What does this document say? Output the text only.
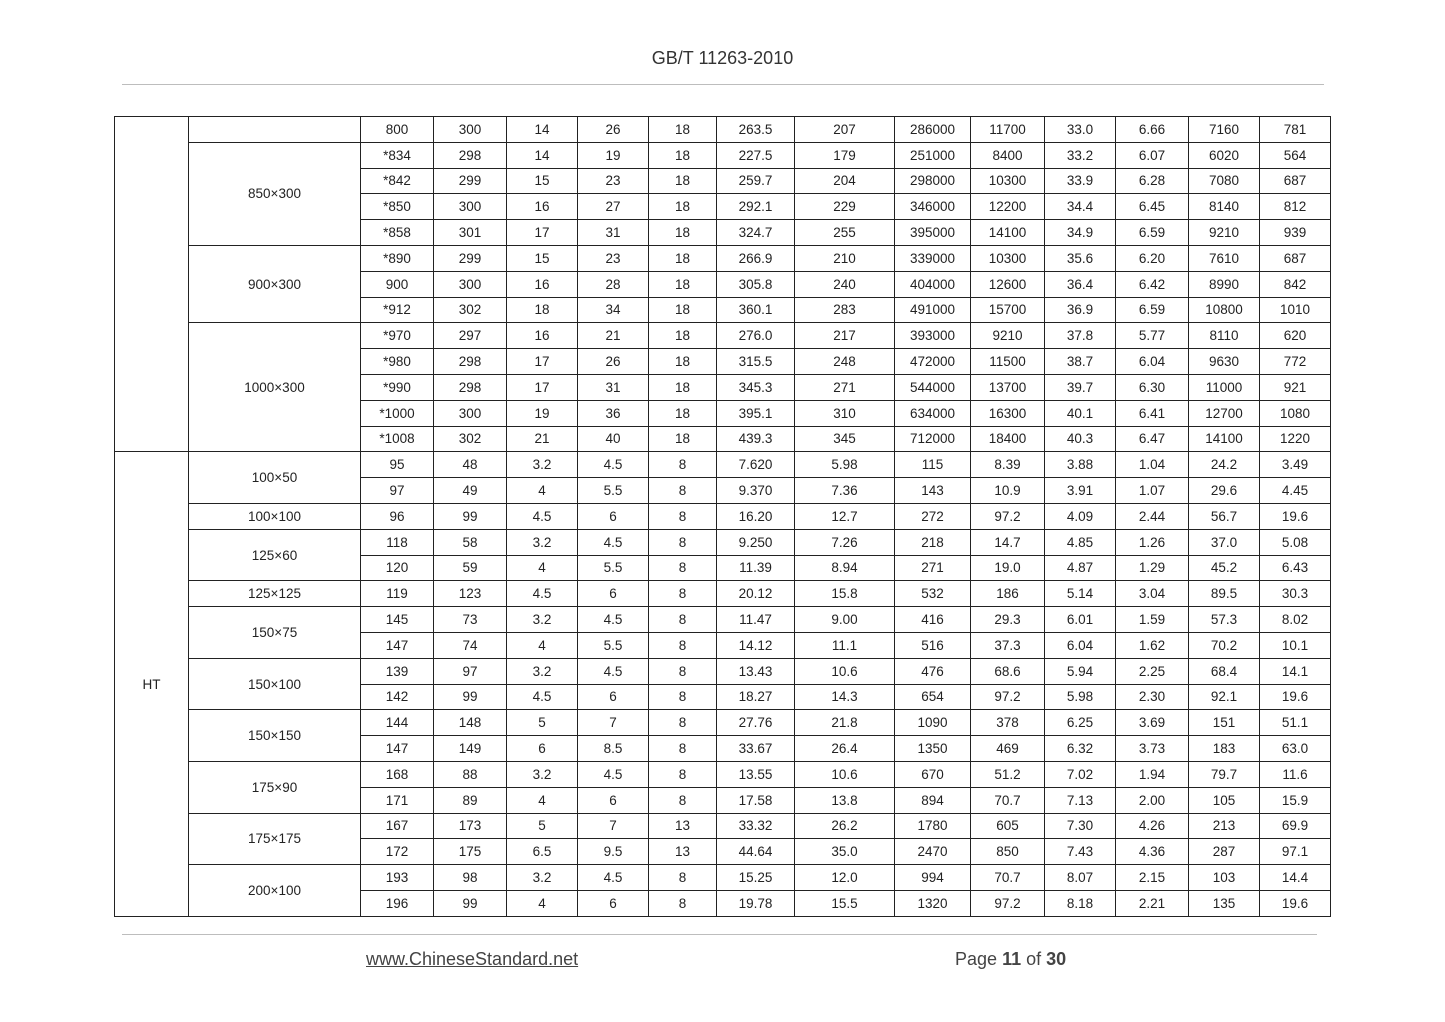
GB/T 11263-2010
		800	300	14	26	18	263.5	207	286000	11700	33.0	6.66	7160	781
	850×300	*834	298	14	19	18	227.5	179	251000	8400	33.2	6.07	6020	564
		*842	299	15	23	18	259.7	204	298000	10300	33.9	6.28	7080	687
		*850	300	16	27	18	292.1	229	346000	12200	34.4	6.45	8140	812
		*858	301	17	31	18	324.7	255	395000	14100	34.9	6.59	9210	939
	900×300	*890	299	15	23	18	266.9	210	339000	10300	35.6	6.20	7610	687
		900	300	16	28	18	305.8	240	404000	12600	36.4	6.42	8990	842
		*912	302	18	34	18	360.1	283	491000	15700	36.9	6.59	10800	1010
	1000×300	*970	297	16	21	18	276.0	217	393000	9210	37.8	5.77	8110	620
		*980	298	17	26	18	315.5	248	472000	11500	38.7	6.04	9630	772
		*990	298	17	31	18	345.3	271	544000	13700	39.7	6.30	11000	921
		*1000	300	19	36	18	395.1	310	634000	16300	40.1	6.41	12700	1080
		*1008	302	21	40	18	439.3	345	712000	18400	40.3	6.47	14100	1220
HT	100×50	95	48	3.2	4.5	8	7.620	5.98	115	8.39	3.88	1.04	24.2	3.49
		97	49	4	5.5	8	9.370	7.36	143	10.9	3.91	1.07	29.6	4.45
	100×100	96	99	4.5	6	8	16.20	12.7	272	97.2	4.09	2.44	56.7	19.6
	125×60	118	58	3.2	4.5	8	9.250	7.26	218	14.7	4.85	1.26	37.0	5.08
		120	59	4	5.5	8	11.39	8.94	271	19.0	4.87	1.29	45.2	6.43
	125×125	119	123	4.5	6	8	20.12	15.8	532	186	5.14	3.04	89.5	30.3
	150×75	145	73	3.2	4.5	8	11.47	9.00	416	29.3	6.01	1.59	57.3	8.02
		147	74	4	5.5	8	14.12	11.1	516	37.3	6.04	1.62	70.2	10.1
	150×100	139	97	3.2	4.5	8	13.43	10.6	476	68.6	5.94	2.25	68.4	14.1
		142	99	4.5	6	8	18.27	14.3	654	97.2	5.98	2.30	92.1	19.6
	150×150	144	148	5	7	8	27.76	21.8	1090	378	6.25	3.69	151	51.1
		147	149	6	8.5	8	33.67	26.4	1350	469	6.32	3.73	183	63.0
	175×90	168	88	3.2	4.5	8	13.55	10.6	670	51.2	7.02	1.94	79.7	11.6
		171	89	4	6	8	17.58	13.8	894	70.7	7.13	2.00	105	15.9
	175×175	167	173	5	7	13	33.32	26.2	1780	605	7.30	4.26	213	69.9
		172	175	6.5	9.5	13	44.64	35.0	2470	850	7.43	4.36	287	97.1
	200×100	193	98	3.2	4.5	8	15.25	12.0	994	70.7	8.07	2.15	103	14.4
		196	99	4	6	8	19.78	15.5	1320	97.2	8.18	2.21	135	19.6
www.ChineseStandard.net	Page 11 of 30
